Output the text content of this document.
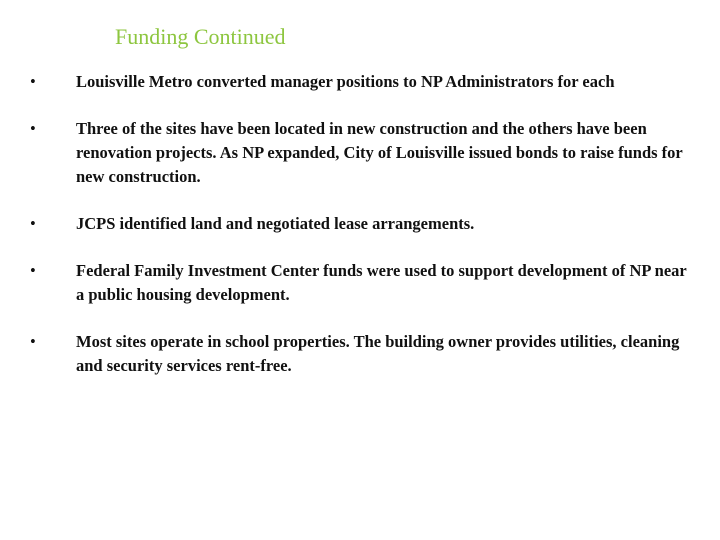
Funding Continued
•	Louisville Metro converted manager positions to NP Administrators for each
•	Three of the sites have been located in new construction and the others have been renovation projects. As NP expanded, City of Louisville issued bonds to raise funds for new construction.
•	JCPS identified land and negotiated lease arrangements.
•	Federal Family Investment Center funds were used to support development of NP near a public housing development.
•	Most sites operate in school properties. The building owner provides utilities, cleaning and security services rent-free.
